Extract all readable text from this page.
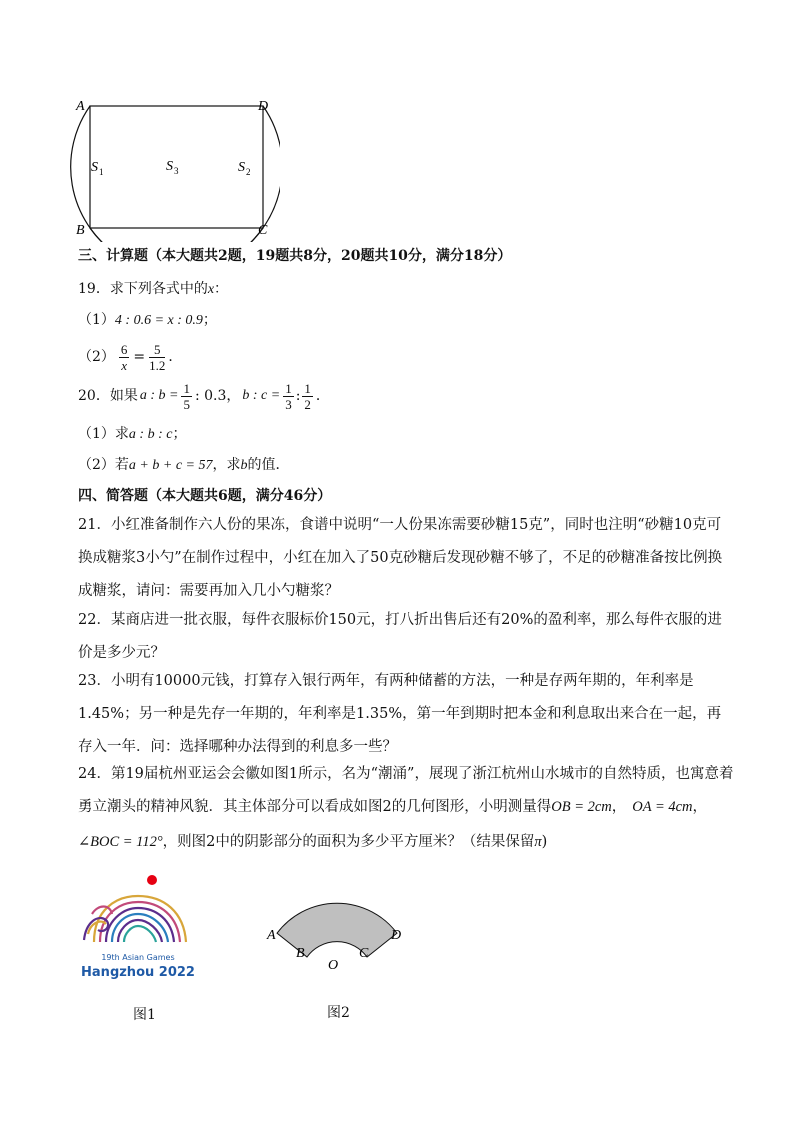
A	D
B	C
S 1	S 3	S 2
三、计算题（本大题共2题，19题共8分，20题共10分，满分18分）
19．求下列各式中的x：
（1）4 : 0.6 = x : 0.9；
$(2) \frac{6}{x} = \frac{5}{1.2}$ ．
20．如果 a : $b = \frac{1}{5}$ : 0.3， b : $c = \frac{1}{3}$ : $\frac{1}{2}$ ．
（1）求a : b : c；
（2）若a + b + c = 57，求b的值．
四、简答题（本大题共6题，满分46分）
21．小红准备制作六人份的果冻，食谱中说明“一人份果冻需要砂糖15克”，同时也注明“砂糖10克可换成糖浆3小勺”在制作过程中，小红在加入了50克砂糖后发现砂糖不够了，不足的砂糖准备按比例换成糖浆，请问：需要再加入几小勺糖浆？
22．某商店进一批衣服，每件衣服标价150元，打八折出售后还有20%的盈利率，那么每件衣服的进价是多少元？
23．小明有10000元钱，打算存入银行两年，有两种储蓄的方法，一种是存两年期的，年利率是1.45%；另一种是先存一年期的，年利率是1.35%，第一年到期时把本金和利息取出来合在一起，再存入一年．问：选择哪种办法得到的利息多一些？
24．第19届杭州亚运会会徽如图1所示，名为“潮涌”，展现了浙江杭州山水城市的自然特质，也寓意着
勇立潮头的精神风貌．其主体部分可以看成如图2的几何图形，小明测量得OB = 2cm， OA = 4cm，
∠BOC = 112°，则图2中的阴影部分的面积为多少平方厘米？（结果保留π)
19th Asian Games
Hangzhou 2022
图1
A
B
O
C
D
图2
